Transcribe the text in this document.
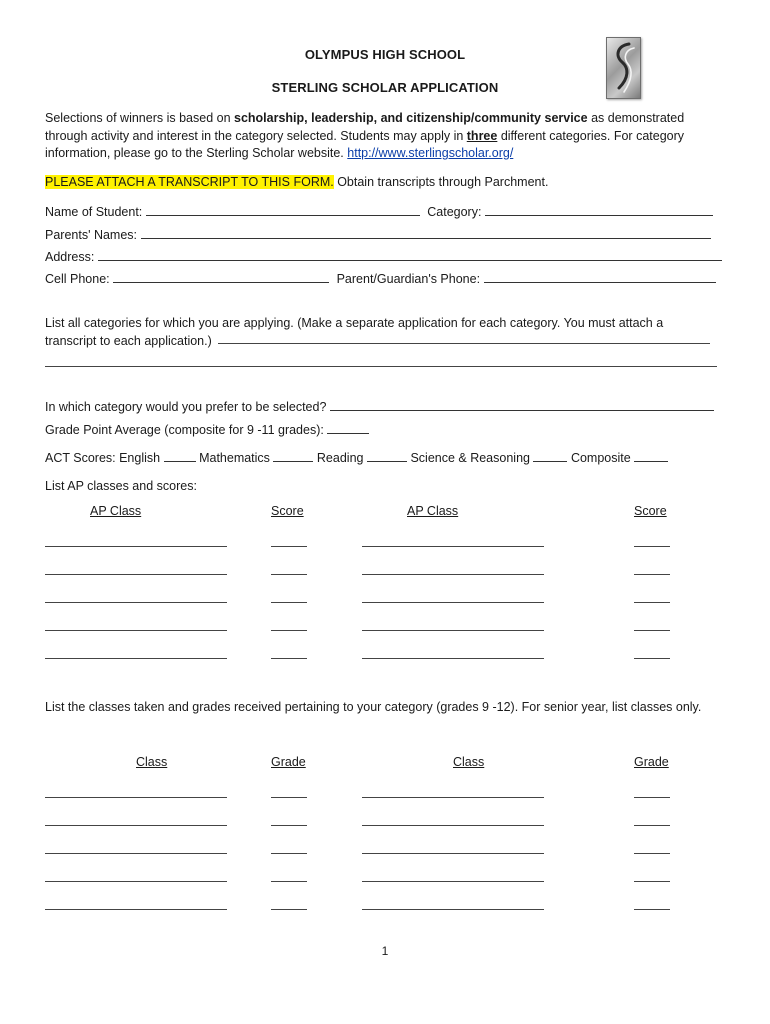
OLYMPUS HIGH SCHOOL
STERLING SCHOLAR APPLICATION
Selections of winners is based on scholarship, leadership, and citizenship/community service as demonstrated through activity and interest in the category selected. Students may apply in three different categories. For category information, please go to the Sterling Scholar website. http://www.sterlingscholar.org/
PLEASE ATTACH A TRANSCRIPT TO THIS FORM. Obtain transcripts through Parchment.
Name of Student:	Category:
Parents' Names:
Address:
Cell Phone:	Parent/Guardian's Phone:
List all categories for which you are applying. (Make a separate application for each category. You must attach a transcript to each application.)
In which category would you prefer to be selected?
Grade Point Average (composite for 9 -11 grades):
ACT Scores: English	Mathematics	Reading	Science & Reasoning	Composite
List AP classes and scores:
AP Class	Score	AP Class	Score
List the classes taken and grades received pertaining to your category (grades 9 -12). For senior year, list classes only.
Class	Grade	Class	Grade
1
